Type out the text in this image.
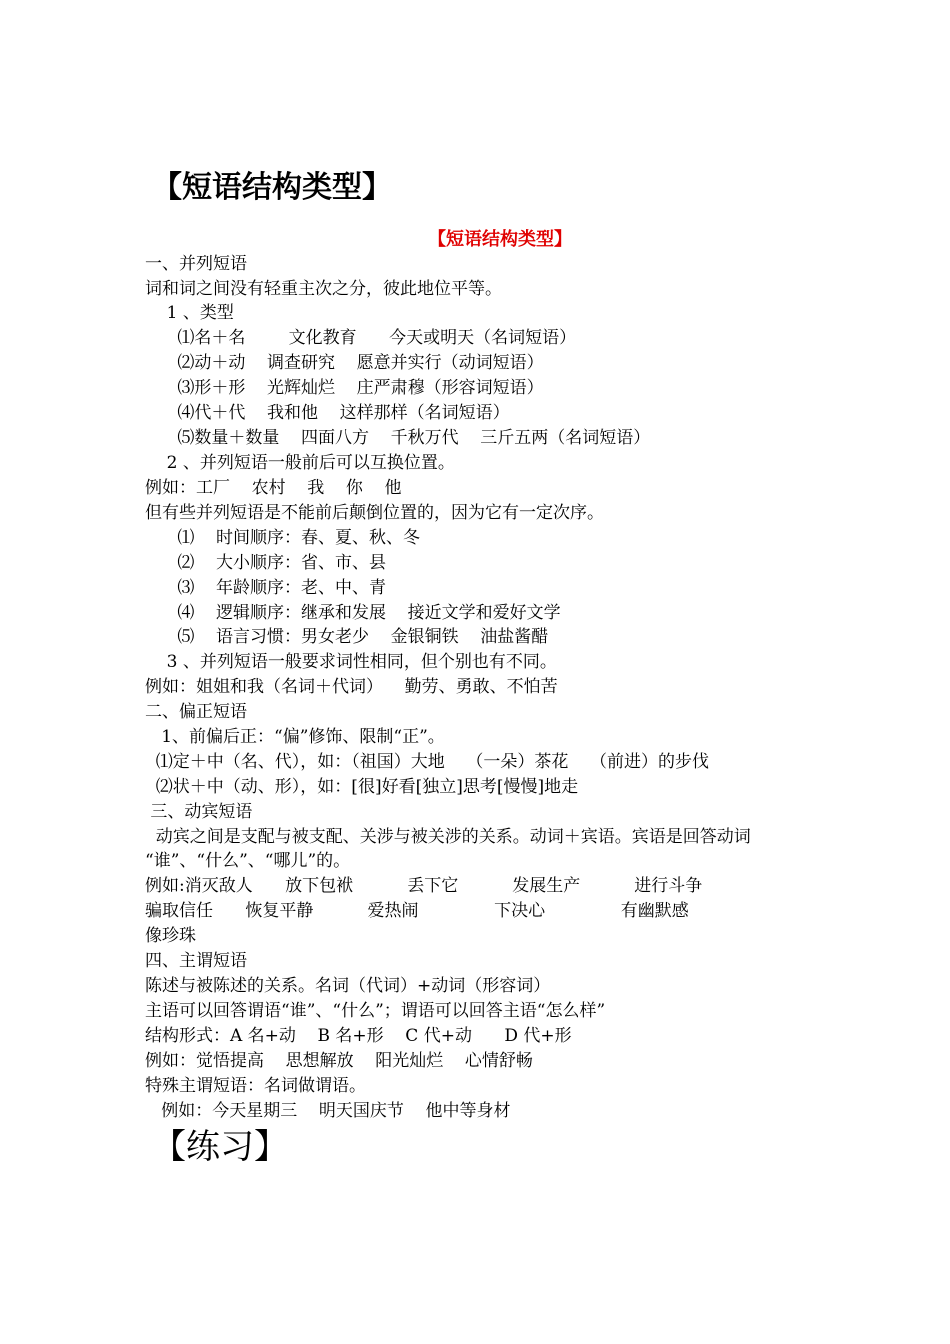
【短语结构类型】
【短语结构类型】
一、并列短语
词和词之间没有轻重主次之分，彼此地位平等。
1 、类型
⑴名＋名        文化教育      今天或明天（名词短语）
⑵动＋动    调查研究    愿意并实行（动词短语）
⑶形＋形    光辉灿烂    庄严肃穆（形容词短语）
⑷代＋代    我和他    这样那样（名词短语）
⑸数量＋数量    四面八方    千秋万代    三斤五两（名词短语）
2 、并列短语一般前后可以互换位置。
例如：工厂    农村    我    你    他
但有些并列短语是不能前后颠倒位置的，因为它有一定次序。
⑴    时间顺序：春、夏、秋、冬
⑵    大小顺序：省、市、县
⑶    年龄顺序：老、中、青
⑷    逻辑顺序：继承和发展    接近文学和爱好文学
⑸    语言习惯：男女老少    金银铜铁    油盐酱醋
3 、并列短语一般要求词性相同，但个别也有不同。
例如：姐姐和我（名词＋代词）    勤劳、勇敢、不怕苦
二、偏正短语
1、前偏后正：“偏”修饰、限制“正”。
⑴定＋中（名、代），如：（祖国）大地    （一朵）茶花    （前进）的步伐
⑵状＋中（动、形），如：[很]好看[独立]思考[慢慢]地走
三、动宾短语
动宾之间是支配与被支配、关涉与被关涉的关系。动词＋宾语。宾语是回答动词
“谁”、“什么”、“哪儿”的。
例如:消灭敌人      放下包袱          丢下它          发展生产          进行斗争
骗取信任      恢复平静          爱热闹              下决心              有幽默感
像珍珠
四、主谓短语
陈述与被陈述的关系。名词（代词）+动词（形容词）
主语可以回答谓语“谁”、“什么”；谓语可以回答主语“怎么样”
结构形式：A 名+动    B 名+形    C 代+动      D 代+形
例如：觉悟提高    思想解放    阳光灿烂    心情舒畅
特殊主谓短语：名词做谓语。
例如：今天星期三    明天国庆节    他中等身材
【练习】
